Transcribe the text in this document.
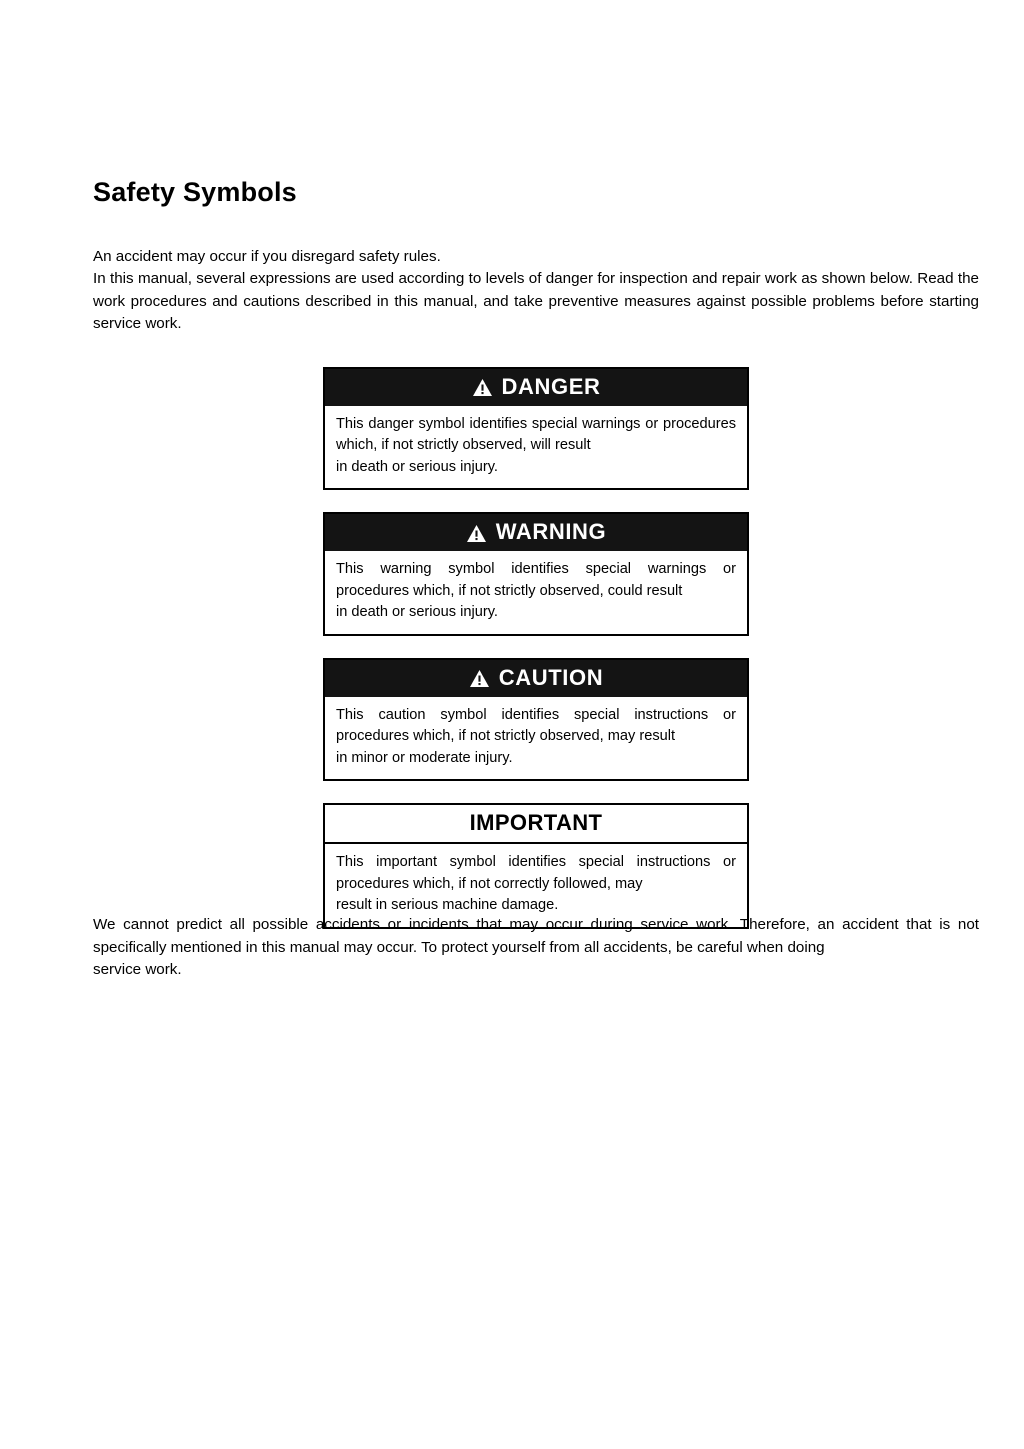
Safety Symbols

An accident may occur if you disregard safety rules.
In this manual, several expressions are used according to levels of danger for inspection and repair work as shown below. Read the work procedures and cautions described in this manual, and take preventive measures against possible problems before starting service work.

DANGER
This danger symbol identifies special warnings or procedures which, if not strictly observed, will result
in death or serious injury.
WARNING
This warning symbol identifies special warnings or procedures which, if not strictly observed, could result
in death or serious injury.
CAUTION
This caution symbol identifies special instructions or procedures which, if not strictly observed, may result
in minor or moderate injury.
IMPORTANT
This important symbol identifies special instructions or procedures which, if not correctly followed, may
result in serious machine damage.
We cannot predict all possible accidents or incidents that may occur during service work. Therefore, an accident that is not specifically mentioned in this manual may occur. To protect yourself from all accidents, be careful when doing
service work.
